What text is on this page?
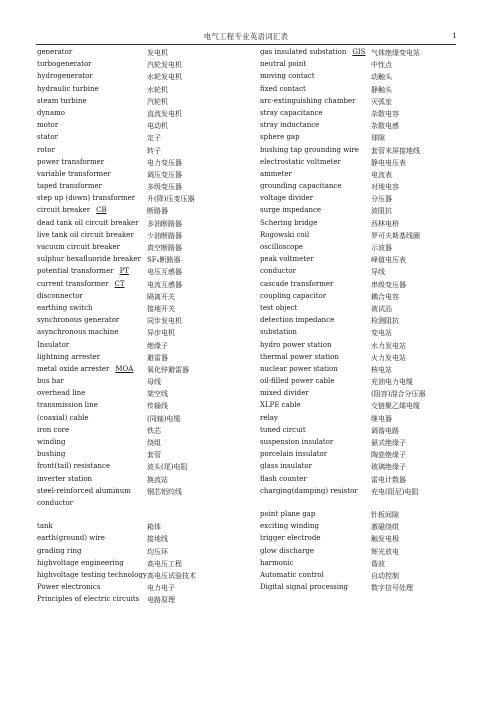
电气工程专业英语词汇表	1
generator	发电机
turbogenerator	汽轮发电机
hydrogenerator	水轮发电机
hydraulic turbine	水轮机
steam turbine	汽轮机
dynamo	直流发电机
motor	电动机
stator	定子
rotor	转子
power transformer	电力变压器
variable transformer	调压变压器
taped transformer	多级变压器
step up (down) transformer 升(降)压变压器
circuit breaker CB	断路器
dead tank oil circuit breaker 多油断路器
live tank oil circuit breaker 少油断路器
vacuum circuit breaker	真空断路器
sulphur hexafluoride breaker SF₆断路器
potential transformer PT	电压互感器
current transformer CT	电流互感器
disconnector	隔离开关
earthing switch	接地开关
synchronous generator	同步发电机
asynchronous machine	异步电机
Insulator	绝缘子
lightning arrester	避雷器
metal oxide arrester MOA 氧化锌避雷器
bus bar	母线
overhead line	架空线
transmission line	传输线
(coaxial) cable	(同轴)电缆
iron core	铁芯
winding	绕组
bushing	套管
front(tail) resistance	波头(尾)电阻
inverter station	换流站
steel-reinforced aluminum 钢芯铝绞线
conductor
tank	箱体
earth(ground) wire	接地线
grading ring	均压环
highvoltage engineering	高电压工程
highvoltage testing technology 高电压试验技术
Power electronics	电力电子
Principles of electric circuits 电路原理
gas insulated substation GIS 气体绝缘变电站
neutral point	中性点
moving contact	动触头
fixed contact	静触头
arc-extinguishing chamber 灭弧室
stray capacitance	杂散电容
stray inductance	杂散电感
sphere gap	球隙
bushing tap grounding wire 套管末屏接地线
electrostatic voltmeter	静电电压表
ammeter	电流表
grounding capacitance	对地电容
voltage divider	分压器
surge impedance	波阻抗
Schering bridge	西林电桥
Rogowski coil	罗可夫斯基线圈
oscilloscope	示波器
peak voltmeter	峰值电压表
conductor	导线
cascade transformer	串级变压器
coupling capacitor	耦合电容
test object	被试品
detection impedance	检测阻抗
substation	变电站
hydro power station	水力发电站
thermal power station	火力发电站
nuclear power station	核电站
oil-filled power cable	充油电力电缆
mixed divider	(阻容)混合分压器
XLPE cable	交链聚乙烯电缆
relay	继电器
tuned circuit	调谐电路
suspension insulator	悬式绝缘子
porcelain insulator	陶瓷绝缘子
glass insulator	玻璃绝缘子
flash counter	雷电计数器
charging(damping) resistor 充电(阻尼)电阻
point plane gap	针板间隙
exciting winding	激磁绕组
trigger electrode	触发电极
glow discharge	辉光放电
harmonic	谐波
Automatic control	自动控制
Digital signal processing	数字信号处理
